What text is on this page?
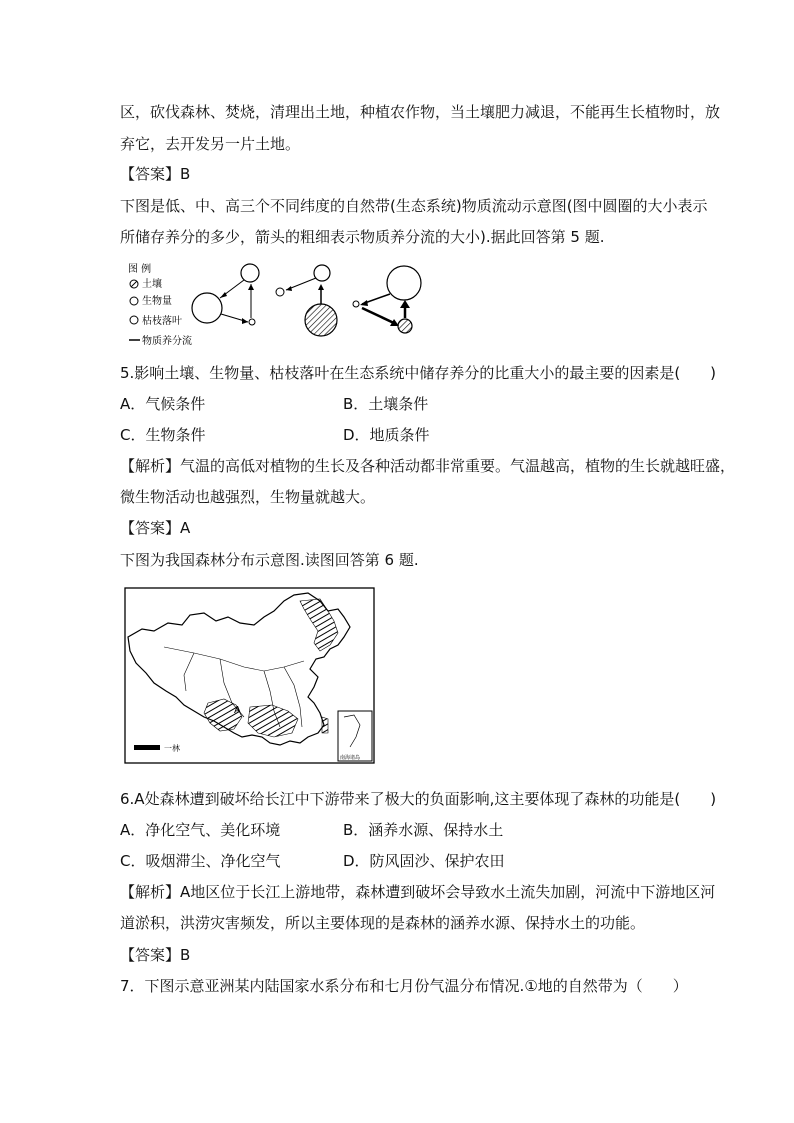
区，砍伐森林、焚烧，清理出土地，种植农作物，当土壤肥力减退，不能再生长植物时，放
弃它，去开发另一片土地。
【答案】B
下图是低、中、高三个不同纬度的自然带(生态系统)物质流动示意图(图中圆圈的大小表示
所储存养分的多少，箭头的粗细表示物质养分流的大小).据此回答第 5 题.
图 例
土壤
生物量
枯枝落叶
物质养分流
5.影响土壤、生物量、枯枝落叶在生态系统中储存养分的比重大小的最主要的因素是(　　)
A．气候条件	B．土壤条件
C．生物条件	D．地质条件
【解析】气温的高低对植物的生长及各种活动都非常重要。气温越高，植物的生长就越旺盛，
微生物活动也越强烈，生物量就越大。
【答案】A
下图为我国森林分布示意图.读图回答第 6 题.
A
一林
南海诸岛
6.A处森林遭到破坏给长江中下游带来了极大的负面影响,这主要体现了森林的功能是(　　)
A．净化空气、美化环境	B．涵养水源、保持水土
C．吸烟滞尘、净化空气	D．防风固沙、保护农田
【解析】A地区位于长江上游地带，森林遭到破坏会导致水土流失加剧，河流中下游地区河
道淤积，洪涝灾害频发，所以主要体现的是森林的涵养水源、保持水土的功能。
【答案】B
7．下图示意亚洲某内陆国家水系分布和七月份气温分布情况.①地的自然带为（　　）
